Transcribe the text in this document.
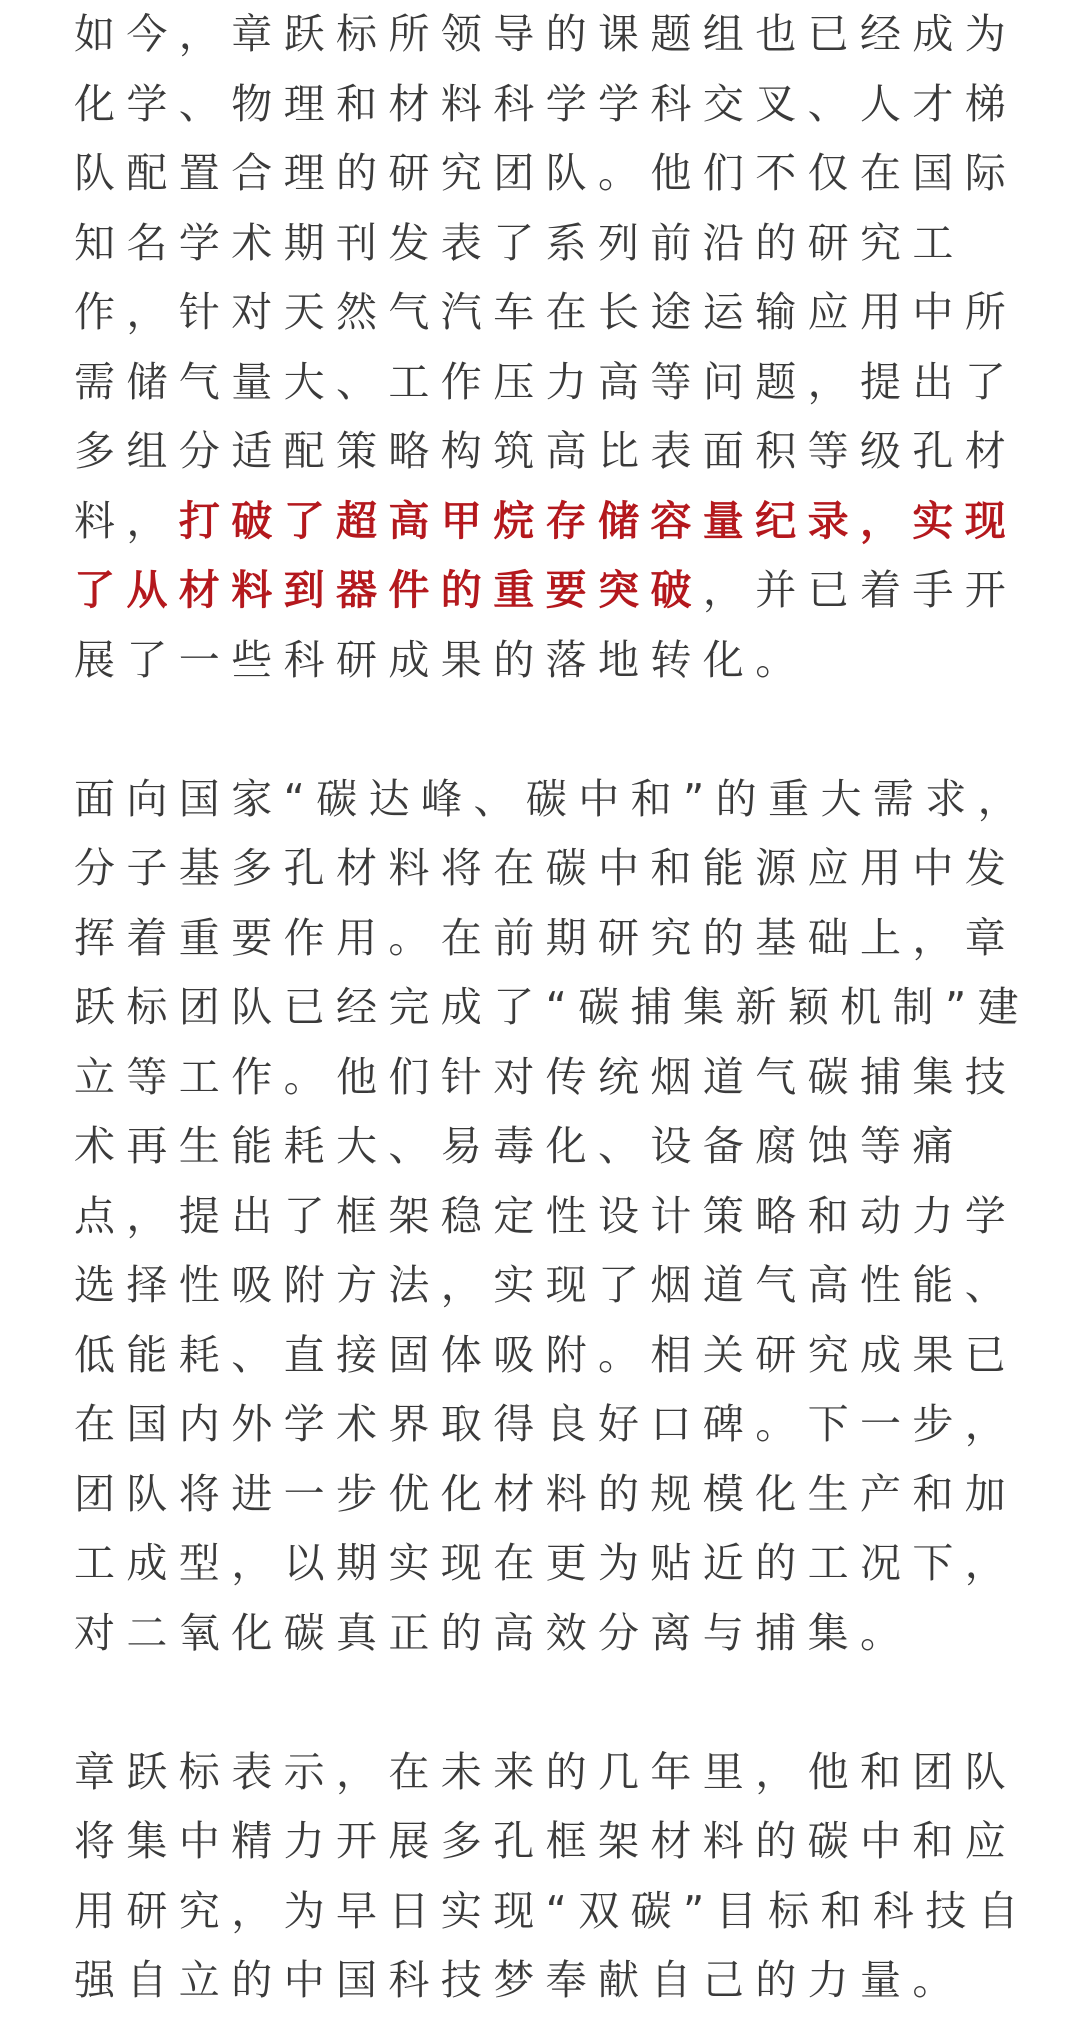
如今，章跃标所领导的课题组也已经成为
化学、物理和材料科学学科交叉、人才梯
队配置合理的研究团队。他们不仅在国际
知名学术期刊发表了系列前沿的研究工
作，针对天然气汽车在长途运输应用中所
需储气量大、工作压力高等问题，提出了
多组分适配策略构筑高比表面积等级孔材
料，打破了超高甲烷存储容量纪录，实现
了从材料到器件的重要突破，并已着手开
展了一些科研成果的落地转化。

面向国家“碳达峰、碳中和”的重大需求，
分子基多孔材料将在碳中和能源应用中发
挥着重要作用。在前期研究的基础上，章
跃标团队已经完成了“碳捕集新颖机制”建
立等工作。他们针对传统烟道气碳捕集技
术再生能耗大、易毒化、设备腐蚀等痛
点，提出了框架稳定性设计策略和动力学
选择性吸附方法，实现了烟道气高性能、
低能耗、直接固体吸附。相关研究成果已
在国内外学术界取得良好口碑。下一步，
团队将进一步优化材料的规模化生产和加
工成型，以期实现在更为贴近的工况下，
对二氧化碳真正的高效分离与捕集。

章跃标表示，在未来的几年里，他和团队
将集中精力开展多孔框架材料的碳中和应
用研究，为早日实现“双碳”目标和科技自
强自立的中国科技梦奉献自己的力量。
